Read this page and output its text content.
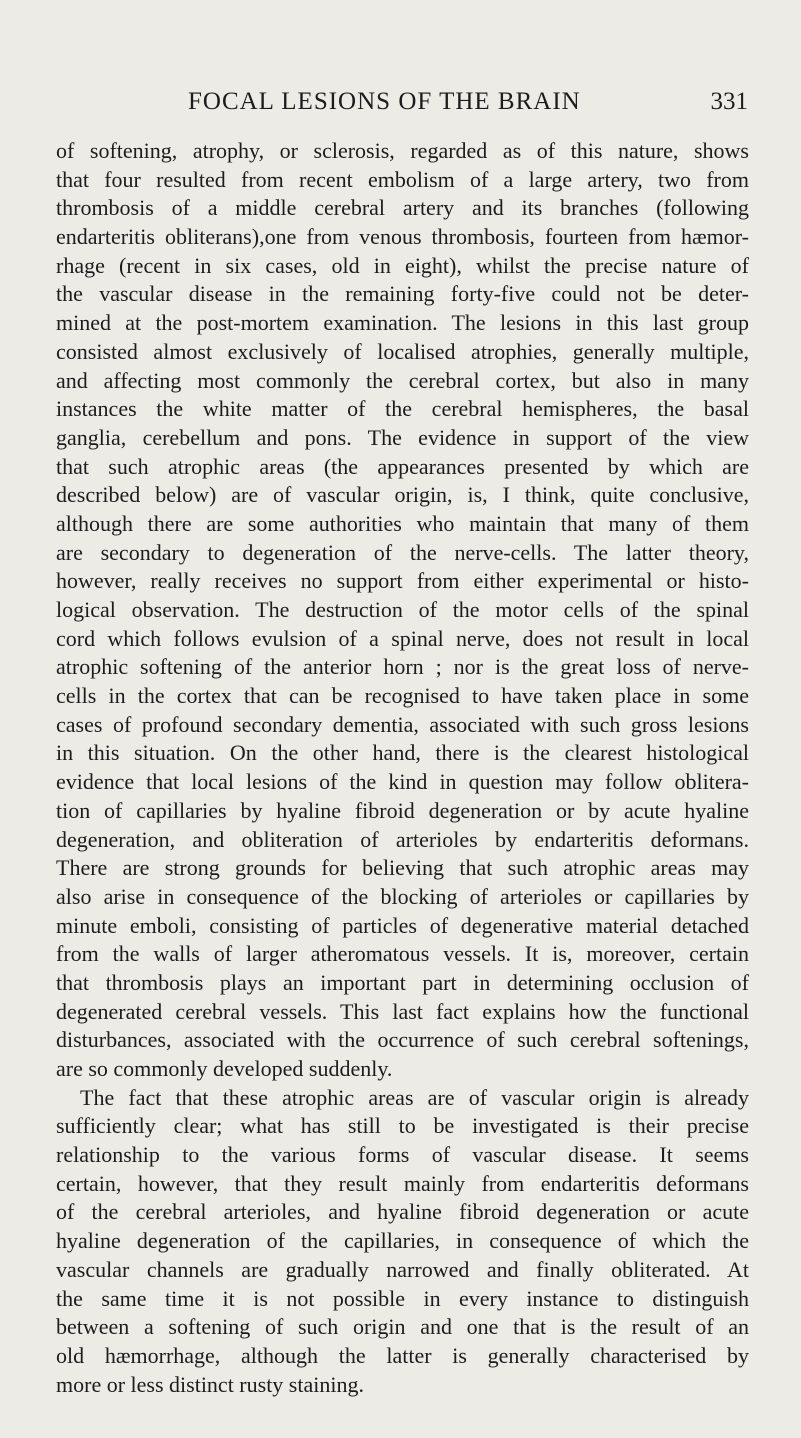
FOCAL LESIONS OF THE BRAIN	331
of softening, atrophy, or sclerosis, regarded as of this nature, shows
that four resulted from recent embolism of a large artery, two from
thrombosis of a middle cerebral artery and its branches (following
endarteritis obliterans),one from venous thrombosis, fourteen from hæmor-
rhage (recent in six cases, old in eight), whilst the precise nature of
the vascular disease in the remaining forty-five could not be deter-
mined at the post-mortem examination. The lesions in this last group
consisted almost exclusively of localised atrophies, generally multiple,
and affecting most commonly the cerebral cortex, but also in many
instances the white matter of the cerebral hemispheres, the basal
ganglia, cerebellum and pons. The evidence in support of the view
that such atrophic areas (the appearances presented by which are
described below) are of vascular origin, is, I think, quite conclusive,
although there are some authorities who maintain that many of them
are secondary to degeneration of the nerve-cells. The latter theory,
however, really receives no support from either experimental or histo-
logical observation. The destruction of the motor cells of the spinal
cord which follows evulsion of a spinal nerve, does not result in local
atrophic softening of the anterior horn ; nor is the great loss of nerve-
cells in the cortex that can be recognised to have taken place in some
cases of profound secondary dementia, associated with such gross lesions
in this situation. On the other hand, there is the clearest histological
evidence that local lesions of the kind in question may follow oblitera-
tion of capillaries by hyaline fibroid degeneration or by acute hyaline
degeneration, and obliteration of arterioles by endarteritis deformans.
There are strong grounds for believing that such atrophic areas may
also arise in consequence of the blocking of arterioles or capillaries by
minute emboli, consisting of particles of degenerative material detached
from the walls of larger atheromatous vessels. It is, moreover, certain
that thrombosis plays an important part in determining occlusion of
degenerated cerebral vessels. This last fact explains how the functional
disturbances, associated with the occurrence of such cerebral softenings,
are so commonly developed suddenly.
The fact that these atrophic areas are of vascular origin is already
sufficiently clear; what has still to be investigated is their precise
relationship to the various forms of vascular disease. It seems
certain, however, that they result mainly from endarteritis deformans
of the cerebral arterioles, and hyaline fibroid degeneration or acute
hyaline degeneration of the capillaries, in consequence of which the
vascular channels are gradually narrowed and finally obliterated. At
the same time it is not possible in every instance to distinguish
between a softening of such origin and one that is the result of an
old hæmorrhage, although the latter is generally characterised by
more or less distinct rusty staining.
